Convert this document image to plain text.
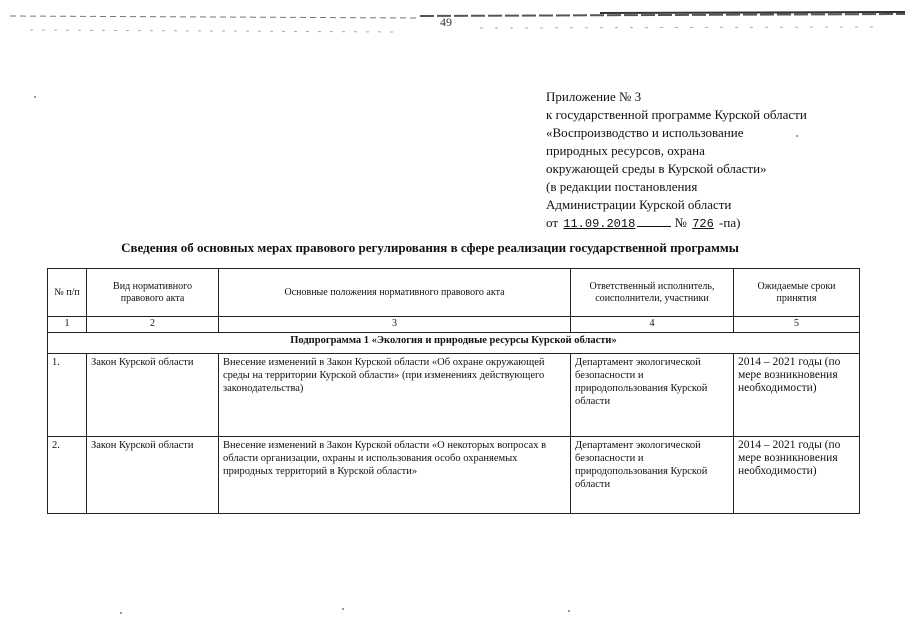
49
Приложение № 3
к государственной программе Курской области
«Воспроизводство и использование
природных ресурсов, охрана
окружающей среды в Курской области»
(в редакции постановления
Администрации Курской области
от 11.09.2018	№ 726 -па)
Сведения об основных мерах правового регулирования в сфере реализации государственной программы
№ п/п	Вид нормативного правового акта	Основные положения нормативного правового акта	Ответственный исполнитель, соисполнители, участники	Ожидаемые сроки принятия
1	2	3	4	5
Подпрограмма 1 «Экология и природные ресурсы Курской области»				
1.	Закон Курской области	Внесение изменений в Закон Курской области «Об охране окружающей среды на территории Курской области» (при изменениях действующего законодательства)	Департамент экологической безопасности и природопользования Курской области	2014 – 2021 годы (по мере возникновения необходимости)
2.	Закон Курской области	Внесение изменений в Закон Курской области «О некоторых вопросах в области организации, охраны и использования особо охраняемых природных территорий в Курской области»	Департамент экологической безопасности и природопользования Курской области	2014 – 2021 годы (по мере возникновения необходимости)
